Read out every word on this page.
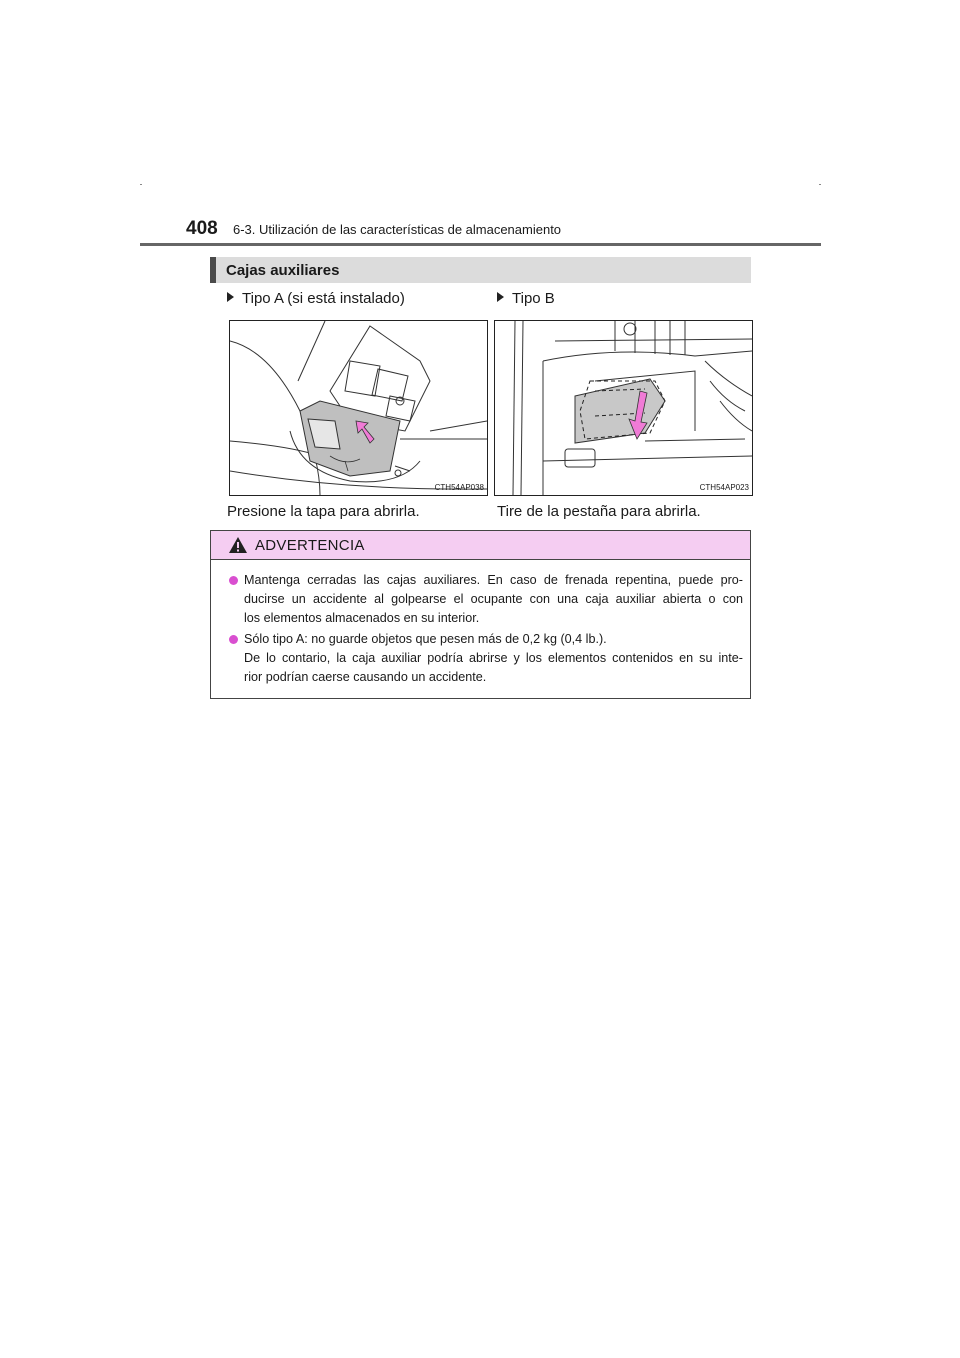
408 6-3. Utilización de las características de almacenamiento
Cajas auxiliares
Tipo A (si está instalado)	Tipo B
CTH54AP038	CTH54AP023
Presione la tapa para abrirla.	Tire de la pestaña para abrirla.
ADVERTENCIA
Mantenga cerradas las cajas auxiliares. En caso de frenada repentina, puede pro-
ducirse un accidente al golpearse el ocupante con una caja auxiliar abierta o con
los elementos almacenados en su interior.
Sólo tipo A: no guarde objetos que pesen más de 0,2 kg (0,4 lb.).
De lo contario, la caja auxiliar podría abrirse y los elementos contenidos en su inte-
rior podrían caerse causando un accidente.
